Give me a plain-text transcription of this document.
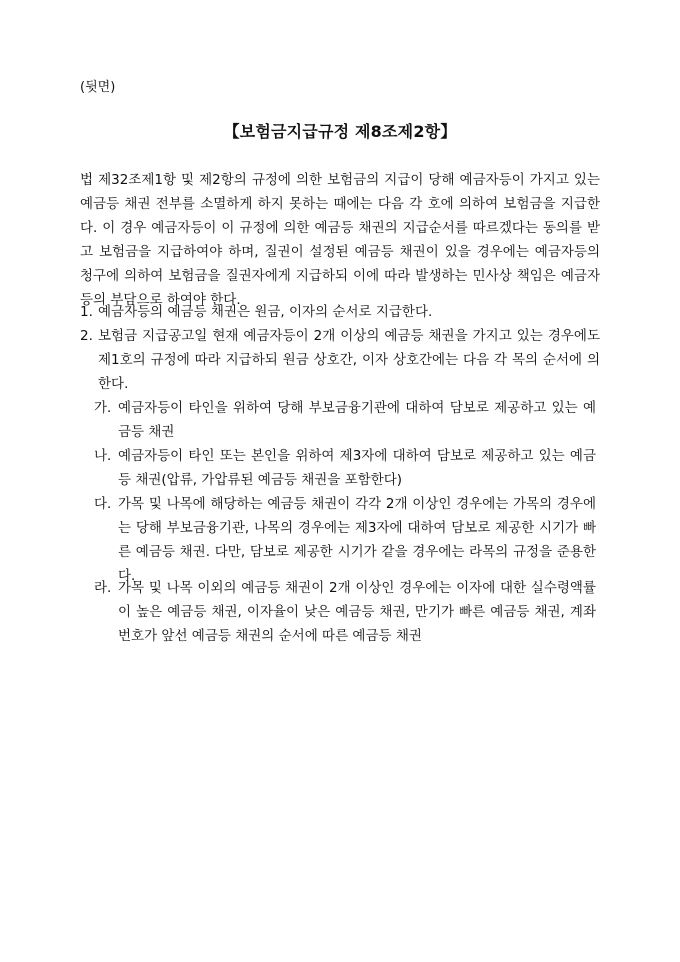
(뒷면)
【보험금지급규정 제8조제2항】
법 제32조제1항 및 제2항의 규정에 의한 보험금의 지급이 당해 예금자등이 가지고 있는 예금등 채권 전부를 소멸하게 하지 못하는 때에는 다음 각 호에 의하여 보험금을 지급한다. 이 경우 예금자등이 이 규정에 의한 예금등 채권의 지급순서를 따르겠다는 동의를 받고 보험금을 지급하여야 하며, 질권이 설정된 예금등 채권이 있을 경우에는 예금자등의 청구에 의하여 보험금을 질권자에게 지급하되 이에 따라 발생하는 민사상 책임은 예금자등의 부담으로 하여야 한다.
1. 예금자등의 예금등 채권은 원금, 이자의 순서로 지급한다.
2. 보험금 지급공고일 현재 예금자등이 2개 이상의 예금등 채권을 가지고 있는 경우에도 제1호의 규정에 따라 지급하되 원금 상호간, 이자 상호간에는 다음 각 목의 순서에 의한다.
가. 예금자등이 타인을 위하여 당해 부보금융기관에 대하여 담보로 제공하고 있는 예금등 채권
나. 예금자등이 타인 또는 본인을 위하여 제3자에 대하여 담보로 제공하고 있는 예금등 채권(압류, 가압류된 예금등 채권을 포함한다)
다. 가목 및 나목에 해당하는 예금등 채권이 각각 2개 이상인 경우에는 가목의 경우에는 당해 부보금융기관, 나목의 경우에는 제3자에 대하여 담보로 제공한 시기가 빠른 예금등 채권. 다만, 담보로 제공한 시기가 같을 경우에는 라목의 규정을 준용한다.
라. 가목 및 나목 이외의 예금등 채권이 2개 이상인 경우에는 이자에 대한 실수령액률이 높은 예금등 채권, 이자율이 낮은 예금등 채권, 만기가 빠른 예금등 채권, 계좌번호가 앞선 예금등 채권의 순서에 따른 예금등 채권
